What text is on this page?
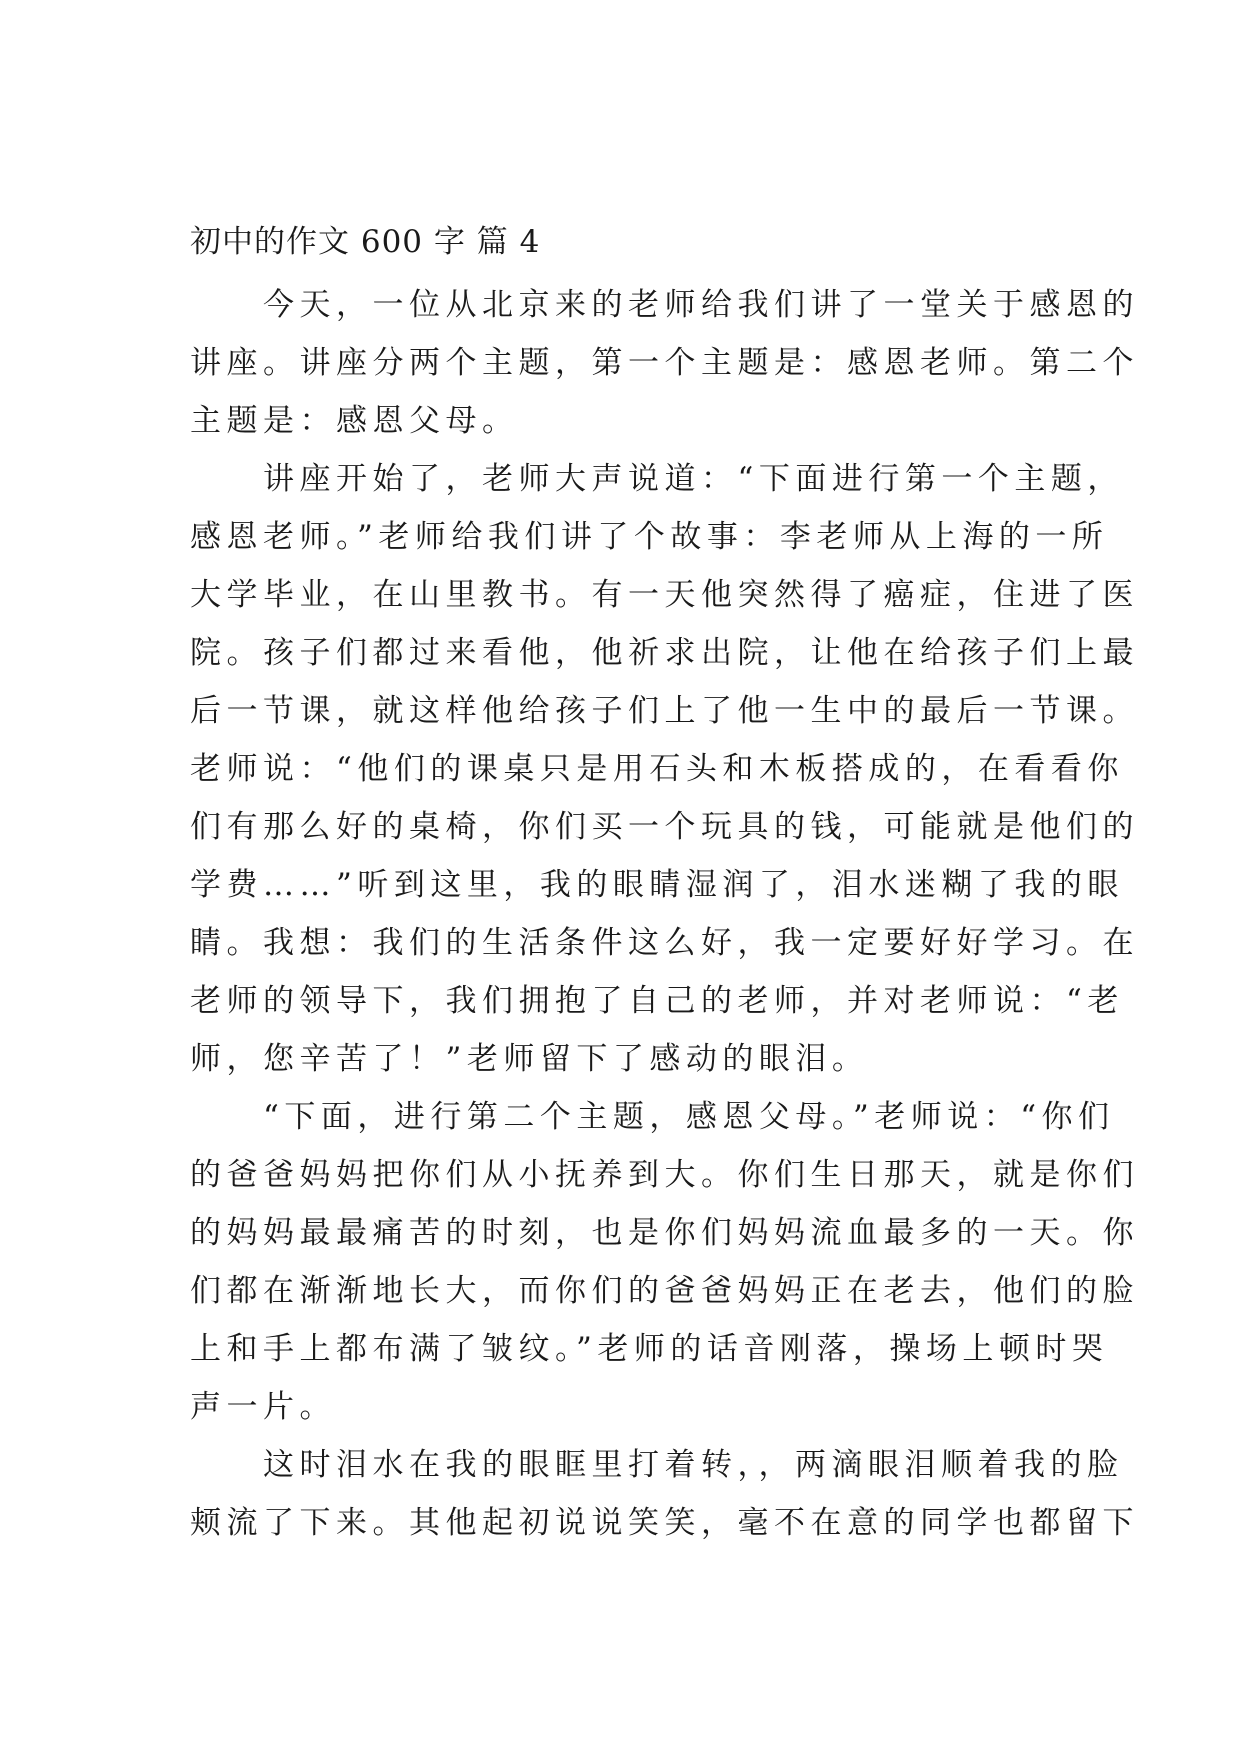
初中的作文 600 字 篇 4
　　今天，一位从北京来的老师给我们讲了一堂关于感恩的
讲座。讲座分两个主题，第一个主题是：感恩老师。第二个
主题是：感恩父母。
　　讲座开始了，老师大声说道：“下面进行第一个主题，
感恩老师。”老师给我们讲了个故事：李老师从上海的一所
大学毕业，在山里教书。有一天他突然得了癌症，住进了医
院。孩子们都过来看他，他祈求出院，让他在给孩子们上最
后一节课，就这样他给孩子们上了他一生中的最后一节课。
老师说：“他们的课桌只是用石头和木板搭成的，在看看你
们有那么好的桌椅，你们买一个玩具的钱，可能就是他们的
学费……”听到这里，我的眼睛湿润了，泪水迷糊了我的眼
睛。我想：我们的生活条件这么好，我一定要好好学习。在
老师的领导下，我们拥抱了自己的老师，并对老师说：“老
师，您辛苦了！”老师留下了感动的眼泪。
　　“下面，进行第二个主题，感恩父母。”老师说：“你们
的爸爸妈妈把你们从小抚养到大。你们生日那天，就是你们
的妈妈最最痛苦的时刻，也是你们妈妈流血最多的一天。你
们都在渐渐地长大，而你们的爸爸妈妈正在老去，他们的脸
上和手上都布满了皱纹。”老师的话音刚落，操场上顿时哭
声一片。
　　这时泪水在我的眼眶里打着转，，两滴眼泪顺着我的脸
颊流了下来。其他起初说说笑笑，毫不在意的同学也都留下
